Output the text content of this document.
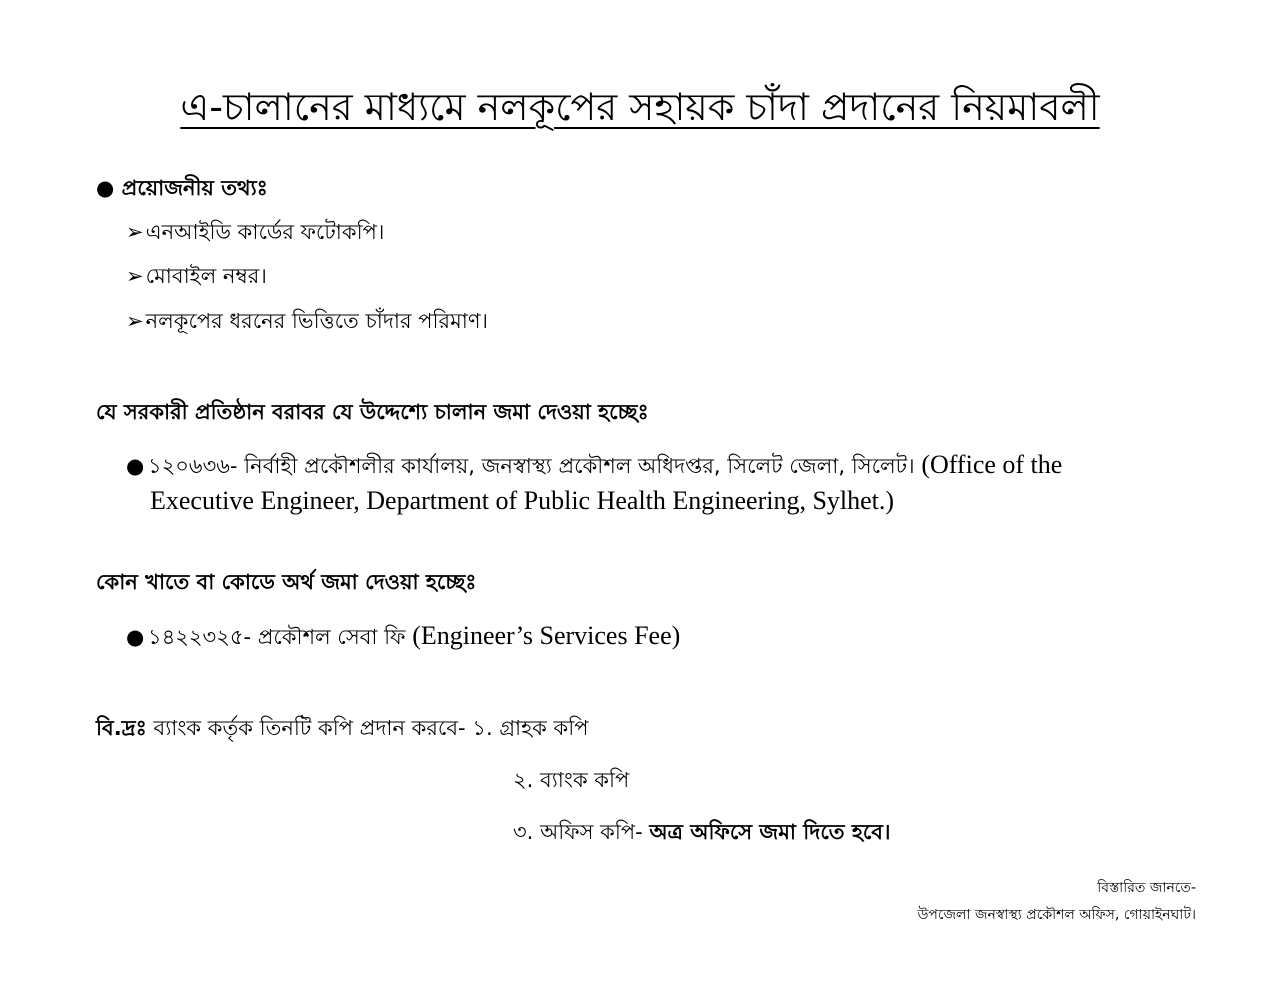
এ-চালানের মাধ্যমে নলকূপের সহায়ক চাঁদা প্রদানের নিয়মাবলী
● প্রয়োজনীয় তথ্যঃ
➢এনআইডি কার্ডের ফটোকপি।
➢মোবাইল নম্বর।
➢নলকূপের ধরনের ভিত্তিতে চাঁদার পরিমাণ।
যে সরকারী প্রতিষ্ঠান বরাবর যে উদ্দেশ্যে চালান জমা দেওয়া হচ্ছেঃ
● ১২০৬৩৬- নির্বাহী প্রকৌশলীর কার্যালয়, জনস্বাস্থ্য প্রকৌশল অধিদপ্তর, সিলেট জেলা, সিলেট। (Office of the
Executive Engineer, Department of Public Health Engineering, Sylhet.)
কোন খাতে বা কোডে অর্থ জমা দেওয়া হচ্ছেঃ
● ১৪২২৩২৫- প্রকৌশল সেবা ফি (Engineer’s Services Fee)
বি.দ্রঃ ব্যাংক কর্তৃক তিনটি কপি প্রদান করবে- ১. গ্রাহক কপি
২. ব্যাংক কপি
৩. অফিস কপি- অত্র অফিসে জমা দিতে হবে।
বিস্তারিত জানতে-
উপজেলা জনস্বাস্থ্য প্রকৌশল অফিস, গোয়াইনঘাট।
